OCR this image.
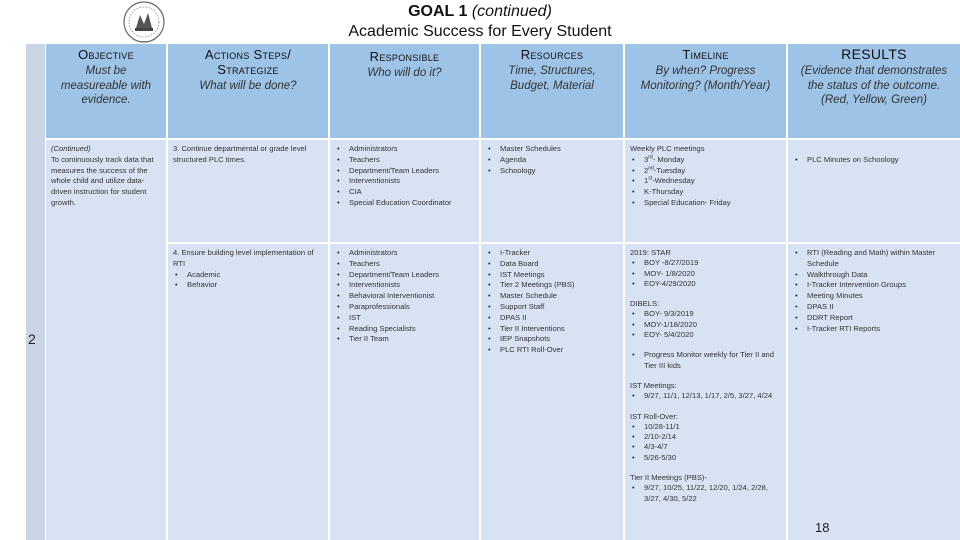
GOAL 1 (continued)
Academic Success for Every Student
2
Objective
Must be measureable with evidence.
Actions Steps/ Strategize
What will be done?
Responsible
Who will do it?
Resources
Time, Structures, Budget, Material
Timeline
By when? Progress Monitoring? (Month/Year)
RESULTS
(Evidence that demonstrates the status of the outcome. (Red, Yellow, Green)
(Continued)
To continuously track data that measures the success of the whole child and utilize data-driven instruction for student growth.
3. Continue departmental or grade level structured PLC times.
• Administrators
• Teachers
• Department/Team Leaders
• Interventionists
• CIA
• Special Education Coordinator
• Master Schedules
• Agenda
• Schoology
Weekly PLC meetings
• 3rd- Monday
• 2nd-Tuesday
• 1st-Wednesday
• K-Thursday
• Special Education- Friday
• PLC Minutes on Schoology
4. Ensure building level implementation of RTI
• Academic
• Behavior
• Administrators
• Teachers
• Department/Team Leaders
• Interventionists
• Behavioral Interventionist
• Paraprofessionals
• IST
• Reading Specialists
• Tier II Team
• I-Tracker
• Data Board
• IST Meetings
• Tier 2 Meetings (PBS)
• Master Schedule
• Support Staff
• DPAS II
• Tier II Interventions
• IEP Snapshots
• PLC RTI Roll-Over
2019: STAR
• BOY -8/27/2019
• MOY- 1/8/2020
• EOY-4/29/2020
DIBELS:
• BOY- 9/3/2019
• MOY-1/18/2020
• EOY- 5/4/2020
• Progress Monitor weekly for Tier II and Tier III kids
IST Meetings:
• 9/27, 11/1, 12/13, 1/17, 2/5, 3/27, 4/24
IST Roll-Over:
• 10/28-11/1
• 2/10-2/14
• 4/3-4/7
• 5/26-5/30
Tier II Meetings (PBS)-
• 9/27, 10/25, 11/22, 12/20, 1/24, 2/28, 3/27, 4/30, 5/22
• RTI (Reading and Math) within Master Schedule
• Walkthrough Data
• I-Tracker Intervention Groups
• Meeting Minutes
• DPAS II
• DDRT Report
• I-Tracker RTI Reports
18
